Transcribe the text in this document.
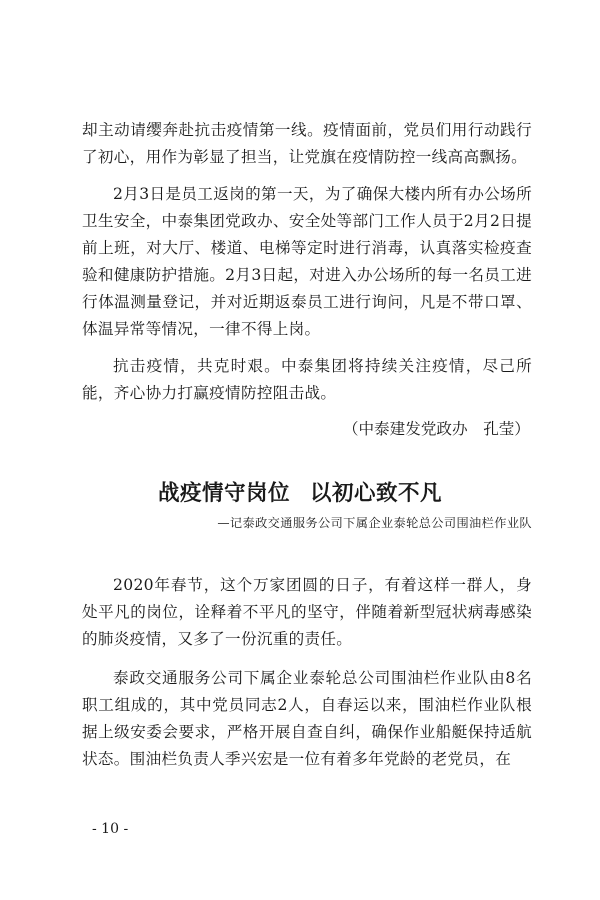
却主动请缨奔赴抗击疫情第一线。疫情面前，党员们用行动践行了初心，用作为彰显了担当，让党旗在疫情防控一线高高飘扬。

2月3日是员工返岗的第一天，为了确保大楼内所有办公场所卫生安全，中泰集团党政办、安全处等部门工作人员于2月2日提前上班，对大厅、楼道、电梯等定时进行消毒，认真落实检疫查验和健康防护措施。2月3日起，对进入办公场所的每一名员工进行体温测量登记，并对近期返泰员工进行询问，凡是不带口罩、体温异常等情况，一律不得上岗。

抗击疫情，共克时艰。中泰集团将持续关注疫情，尽己所能，齐心协力打赢疫情防控阻击战。

（中泰建发党政办　孔莹）

战疫情守岗位 以初心致不凡

—记泰政交通服务公司下属企业泰轮总公司围油栏作业队

2020年春节，这个万家团圆的日子，有着这样一群人，身处平凡的岗位，诠释着不平凡的坚守，伴随着新型冠状病毒感染的肺炎疫情，又多了一份沉重的责任。

泰政交通服务公司下属企业泰轮总公司围油栏作业队由8名职工组成的，其中党员同志2人，自春运以来，围油栏作业队根据上级安委会要求，严格开展自查自纠，确保作业船艇保持适航状态。围油栏负责人季兴宏是一位有着多年党龄的老党员，在

- 10 -
